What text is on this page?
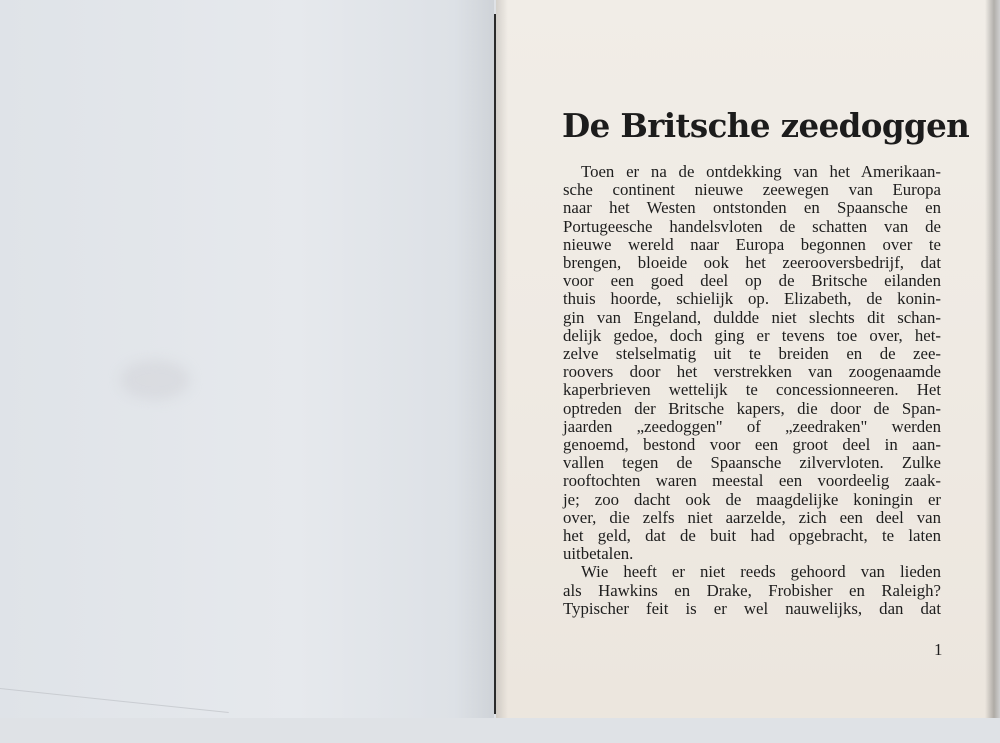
De Britsche zeedoggen
Toen er na de ontdekking van het Amerikaan-
sche continent nieuwe zeewegen van Europa
naar het Westen ontstonden en Spaansche en
Portugeesche handelsvloten de schatten van de
nieuwe wereld naar Europa begonnen over te
brengen, bloeide ook het zeerooversbedrijf, dat
voor een goed deel op de Britsche eilanden
thuis hoorde, schielijk op. Elizabeth, de konin-
gin van Engeland, duldde niet slechts dit schan-
delijk gedoe, doch ging er tevens toe over, het-
zelve stelselmatig uit te breiden en de zee-
roovers door het verstrekken van zoogenaamde
kaperbrieven wettelijk te concessionneeren. Het
optreden der Britsche kapers, die door de Span-
jaarden „zeedoggen" of „zeedraken" werden
genoemd, bestond voor een groot deel in aan-
vallen tegen de Spaansche zilvervloten. Zulke
rooftochten waren meestal een voordeelig zaak-
je; zoo dacht ook de maagdelijke koningin er
over, die zelfs niet aarzelde, zich een deel van
het geld, dat de buit had opgebracht, te laten
uitbetalen.
Wie heeft er niet reeds gehoord van lieden
als Hawkins en Drake, Frobisher en Raleigh?
Typischer feit is er wel nauwelijks, dan dat
1
